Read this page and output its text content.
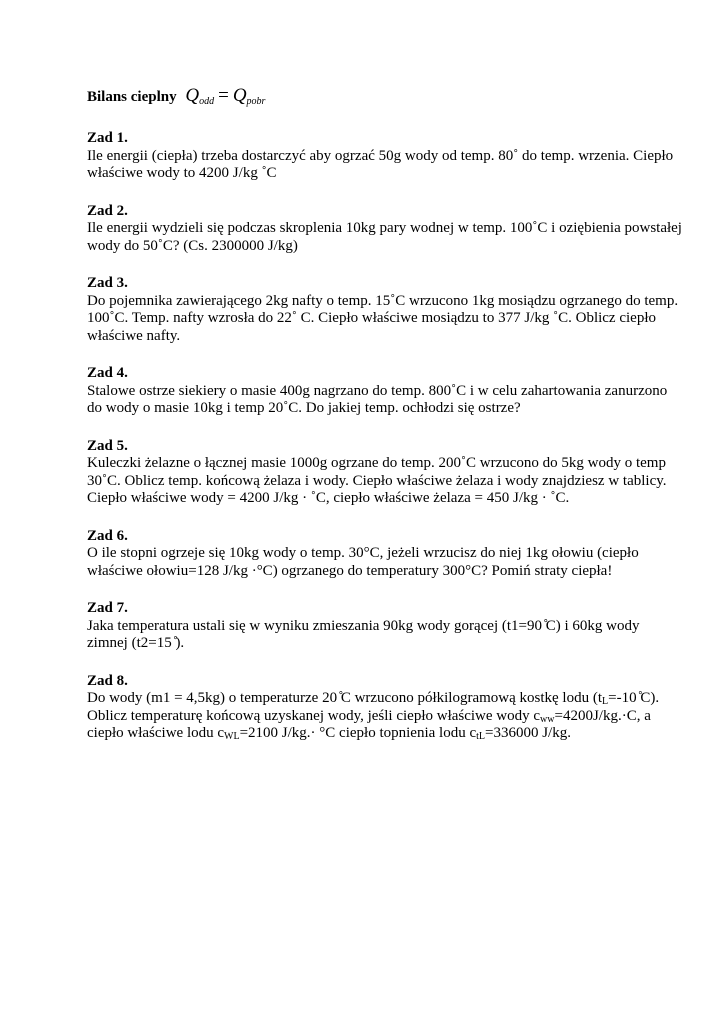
Bilans cieplny $Q_{odd} = Q_{pobr}$
Zad 1.
Ile energii (ciepła) trzeba dostarczyć aby ogrzać 50g wody od temp. 80˚ do temp. wrzenia. Ciepło
właściwe wody to 4200 J/kg ˚C
Zad 2.
Ile energii wydzieli się podczas skroplenia 10kg pary wodnej w temp. 100˚C i oziębienia powstałej
wody do 50˚C? (Cs. 2300000 J/kg)
Zad 3.
Do pojemnika zawierającego 2kg nafty o temp. 15˚C wrzucono 1kg mosiądzu ogrzanego do temp.
100˚C. Temp. nafty wzrosła do 22˚ C. Ciepło właściwe mosiądzu to 377 J/kg ˚C. Oblicz ciepło
właściwe nafty.
Zad 4.
Stalowe ostrze siekiery o masie 400g nagrzano do temp. 800˚C i w celu zahartowania zanurzono
do wody o masie 10kg i temp 20˚C. Do jakiej temp. ochłodzi się ostrze?
Zad 5.
Kuleczki żelazne o łącznej masie 1000g ogrzane do temp. 200˚C wrzucono do 5kg wody o temp
30˚C. Oblicz temp. końcową żelaza i wody. Ciepło właściwe żelaza i wody znajdziesz w tablicy.
Ciepło właściwe wody = 4200 J/kg · ˚C, ciepło właściwe żelaza = 450 J/kg · ˚C.
Zad 6.
O ile stopni ogrzeje się 10kg wody o temp. 30°C, jeżeli wrzucisz do niej 1kg ołowiu (ciepło
właściwe ołowiu=128 J/kg ·°C) ogrzanego do temperatury 300°C? Pomiń straty ciepła!
Zad 7.
Jaka temperatura ustali się w wyniku zmieszania 90kg wody gorącej (t1=90 ̊C) i 60kg wody
zimnej (t2=15 ̊).
Zad 8.
Do wody (m1 = 4,5kg) o temperaturze 20 ̊C wrzucono półkilogramową kostkę lodu ($t_L=-10$ ̊C).
Oblicz temperaturę końcową uzyskanej wody, jeśli ciepło właściwe wody $c_{ww}=4200J/kg.\cdot C$, a
ciepło właściwe lodu $c_{WL}=2100$ J/kg.· °C ciepło topnienia lodu $c_{tL}=336000$ J/kg.
